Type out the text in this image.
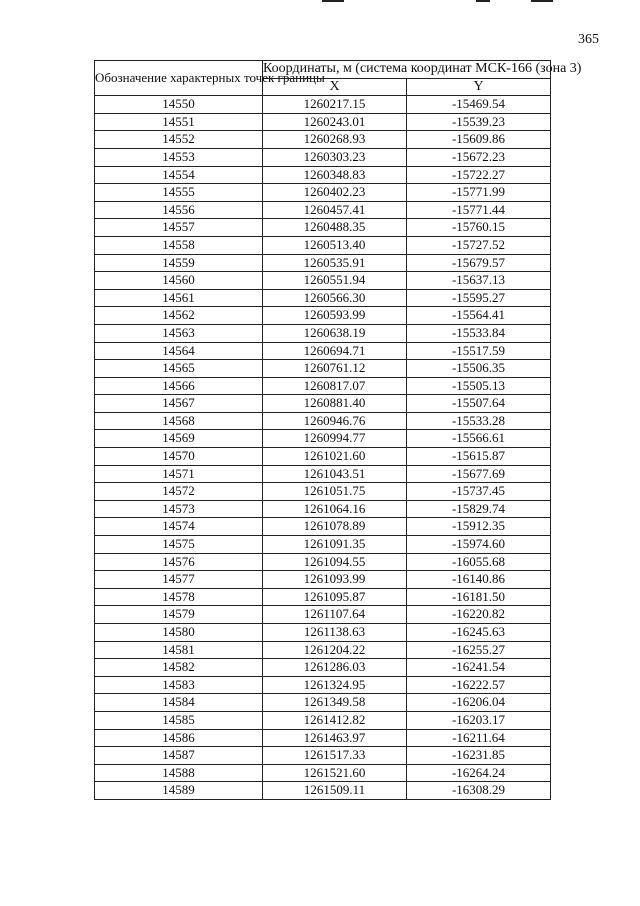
365
Обозначение характерных точек границы	Координаты, м (система координат МСК-166 (зона 3)	
	X	Y
14550	1260217.15	-15469.54
14551	1260243.01	-15539.23
14552	1260268.93	-15609.86
14553	1260303.23	-15672.23
14554	1260348.83	-15722.27
14555	1260402.23	-15771.99
14556	1260457.41	-15771.44
14557	1260488.35	-15760.15
14558	1260513.40	-15727.52
14559	1260535.91	-15679.57
14560	1260551.94	-15637.13
14561	1260566.30	-15595.27
14562	1260593.99	-15564.41
14563	1260638.19	-15533.84
14564	1260694.71	-15517.59
14565	1260761.12	-15506.35
14566	1260817.07	-15505.13
14567	1260881.40	-15507.64
14568	1260946.76	-15533.28
14569	1260994.77	-15566.61
14570	1261021.60	-15615.87
14571	1261043.51	-15677.69
14572	1261051.75	-15737.45
14573	1261064.16	-15829.74
14574	1261078.89	-15912.35
14575	1261091.35	-15974.60
14576	1261094.55	-16055.68
14577	1261093.99	-16140.86
14578	1261095.87	-16181.50
14579	1261107.64	-16220.82
14580	1261138.63	-16245.63
14581	1261204.22	-16255.27
14582	1261286.03	-16241.54
14583	1261324.95	-16222.57
14584	1261349.58	-16206.04
14585	1261412.82	-16203.17
14586	1261463.97	-16211.64
14587	1261517.33	-16231.85
14588	1261521.60	-16264.24
14589	1261509.11	-16308.29
